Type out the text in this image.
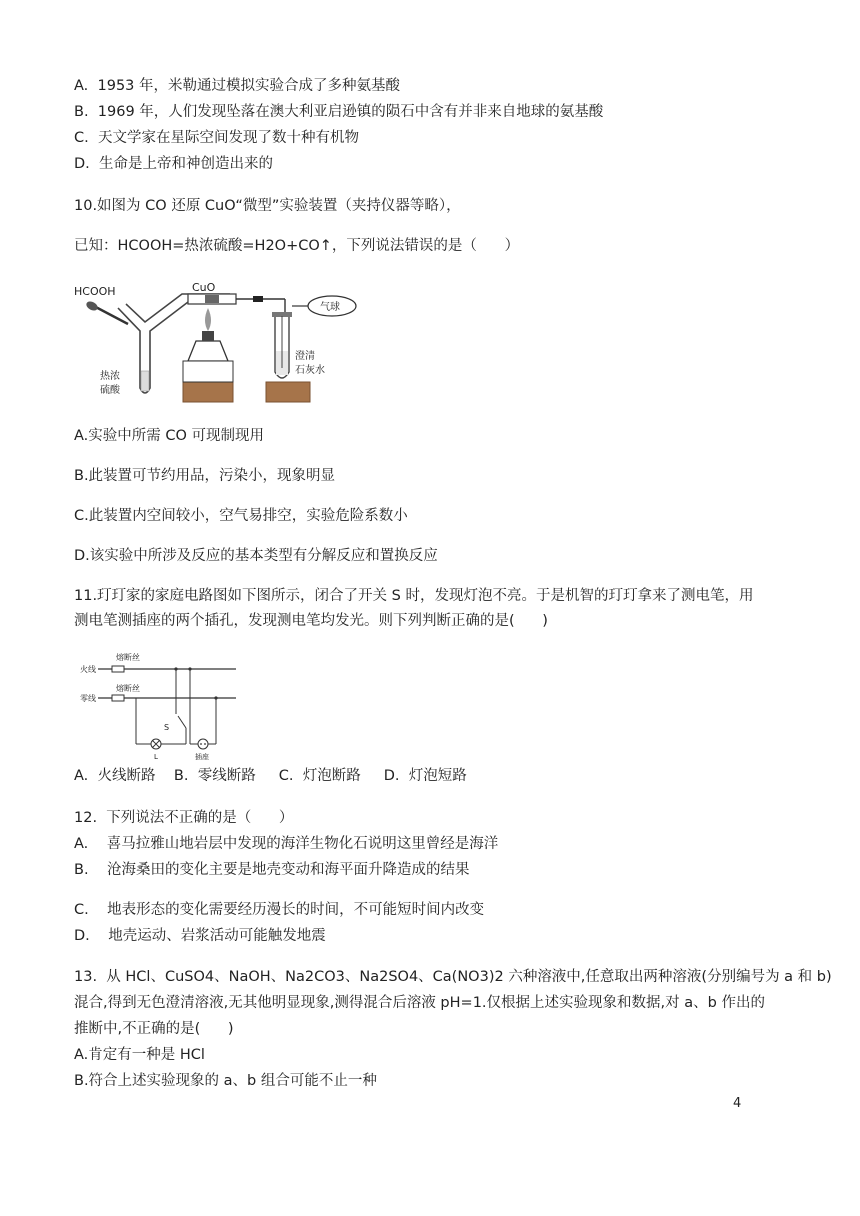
A.  1953 年，米勒通过模拟实验合成了多种氨基酸
B.  1969 年，人们发现坠落在澳大利亚启逊镇的陨石中含有并非来自地球的氨基酸
C.  天文学家在星际空间发现了数十种有机物
D.  生命是上帝和神创造出来的
10.如图为 CO 还原 CuO“微型”实验装置（夹持仪器等略），
已知：HCOOH=热浓硫酸=H2O+CO↑，下列说法错误的是（      ）
HCOOH	CuO
气球
澄清
石灰水
热浓
硫酸
A.实验中所需 CO 可现制现用
B.此装置可节约用品，污染小，现象明显
C.此装置内空间较小，空气易排空，实验危险系数小
D.该实验中所涉及反应的基本类型有分解反应和置换反应
11.玎玎家的家庭电路图如下图所示，闭合了开关 S 时，发现灯泡不亮。于是机智的玎玎拿来了测电笔，用
测电笔测插座的两个插孔，发现测电笔均发光。则下列判断正确的是(      )
火线
零线
熔断丝
熔断丝
L
S
插座
A.  火线断路    B.  零线断路     C.  灯泡断路     D.  灯泡短路
12.  下列说法不正确的是（      ）
A.    喜马拉雅山地岩层中发现的海洋生物化石说明这里曾经是海洋
B.    沧海桑田的变化主要是地壳变动和海平面升降造成的结果
C.    地表形态的变化需要经历漫长的时间，不可能短时间内改变
D.    地壳运动、岩浆活动可能触发地震
13.  从 HCl、CuSO4、NaOH、Na2CO3、Na2SO4、Ca(NO3)2 六种溶液中,任意取出两种溶液(分别编号为 a 和 b)
混合,得到无色澄清溶液,无其他明显现象,测得混合后溶液 pH=1.仅根据上述实验现象和数据,对 a、b 作出的
推断中,不正确的是(      )
A.肯定有一种是 HCl
B.符合上述实验现象的 a、b 组合可能不止一种
4
